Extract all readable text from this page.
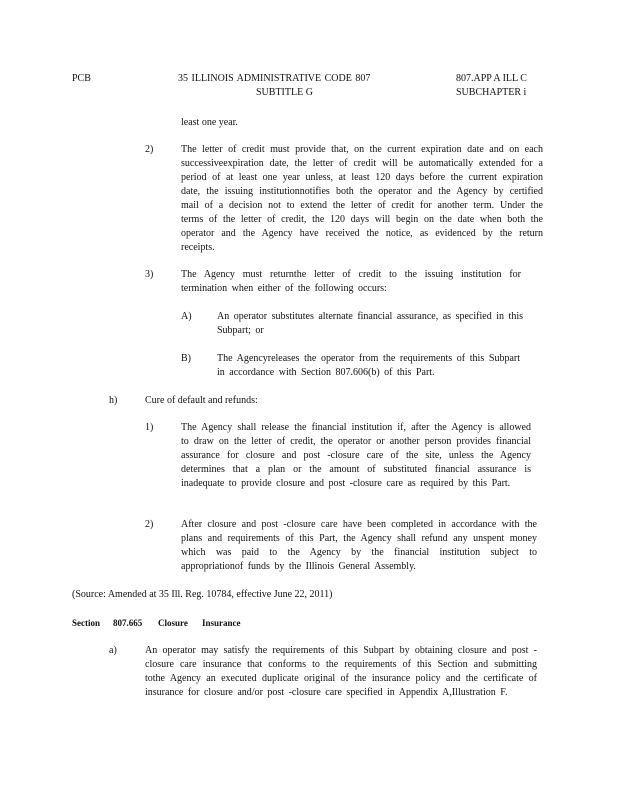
PCB	35 ILLINOIS ADMINISTRATIVE CODE 807
SUBTITLE G
807.APP A ILL C
SUBCHAPTER i
least one year.
2)	The letter of credit must provide that, on the current expiration date and on each successiveexpiration date, the letter of credit will be automatically extended for a period of at least one year unless, at least 120 days before the current expiration date, the issuing institutionnotifies both the operator and the Agency by certified mail of a decision not to extend the letter of credit for another term. Under the terms of the letter of credit, the 120 days will begin on the date when both the operator and the Agency have received the notice, as evidenced by the return receipts.
3)	The Agency must returnthe letter of credit to the issuing institution for termination when either of the following occurs:
A)	An operator substitutes alternate financial assurance, as specified in this Subpart; or
B)	The Agencyreleases the operator from the requirements of this Subpart in accordance with Section 807.606(b) of this Part.
h)	Cure of default and refunds:
1)	The Agency shall release the financial institution if, after the Agency is allowed to draw on the letter of credit, the operator or another person provides financial assurance for closure and post -closure care of the site, unless the Agency determines that a plan or the amount of substituted financial assurance is inadequate to provide closure and post -closure care as required by this Part.
2)	After closure and post -closure care have been completed in accordance with the plans and requirements of this Part, the Agency shall refund any unspent money which was paid to the Agency by the financial institution subject to appropriationof funds by the Illinois General Assembly.
(Source: Amended at 35 Ill. Reg. 10784, effective June 22, 2011)
Section 807.665 Closure Insurance
a)	An operator may satisfy the requirements of this Subpart by obtaining closure and post -closure care insurance that conforms to the requirements of this Section and submitting tothe Agency an executed duplicate original of the insurance policy and the certificate of insurance for closure and/or post -closure care specified in Appendix A,Illustration F.
